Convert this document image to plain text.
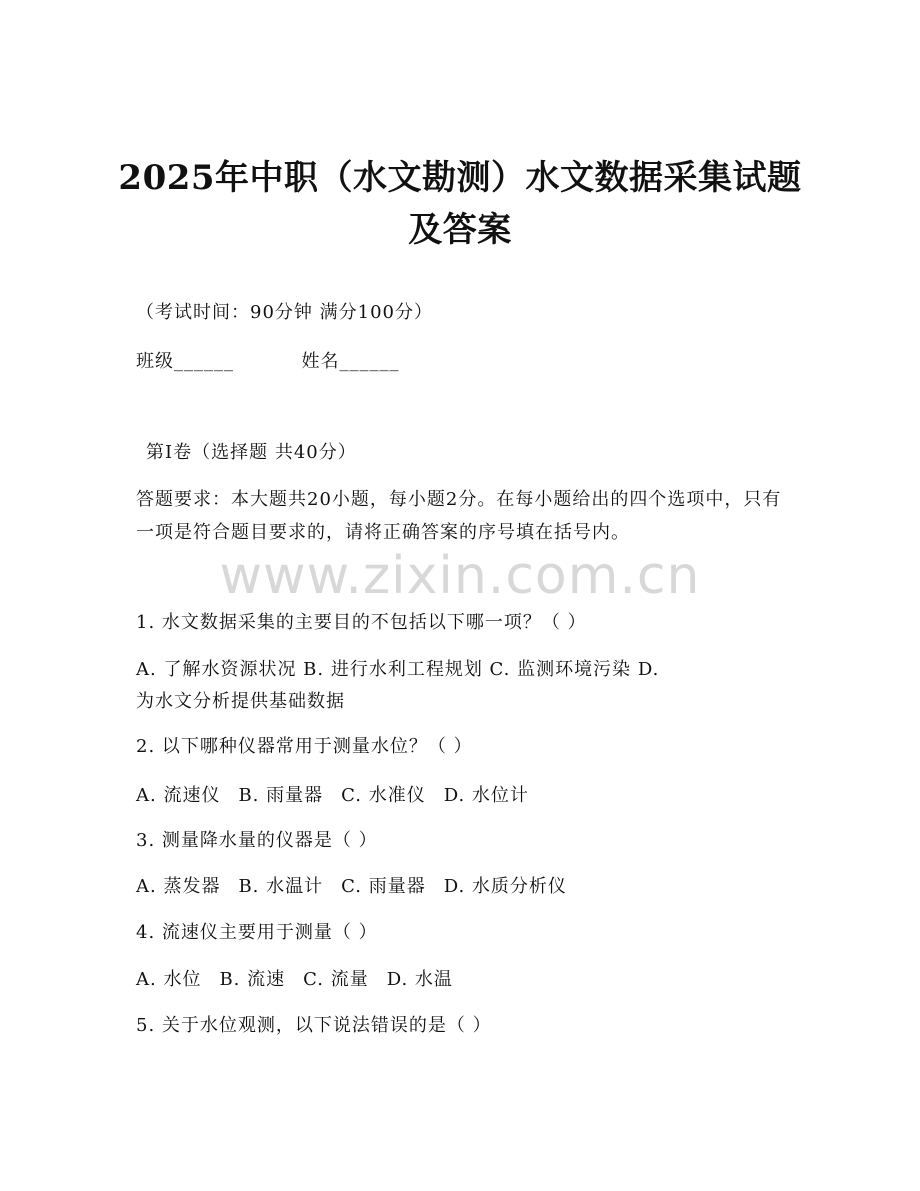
www.zixin.com.cn
2025年中职（水文勘测）水文数据采集试题
及答案
（考试时间：90分钟 满分100分）
班级______	姓名______
第I卷（选择题 共40分）
答题要求：本大题共20小题，每小题2分。在每小题给出的四个选项中，只有一项是符合题目要求的，请将正确答案的序号填在括号内。
1. 水文数据采集的主要目的不包括以下哪一项？（ ）
A. 了解水资源状况 B. 进行水利工程规划 C. 监测环境污染 D.
为水文分析提供基础数据
2. 以下哪种仪器常用于测量水位？（ ）
A. 流速仪 B. 雨量器 C. 水准仪 D. 水位计
3. 测量降水量的仪器是（ ）
A. 蒸发器 B. 水温计 C. 雨量器 D. 水质分析仪
4. 流速仪主要用于测量（ ）
A. 水位 B. 流速 C. 流量 D. 水温
5. 关于水位观测，以下说法错误的是（ ）
